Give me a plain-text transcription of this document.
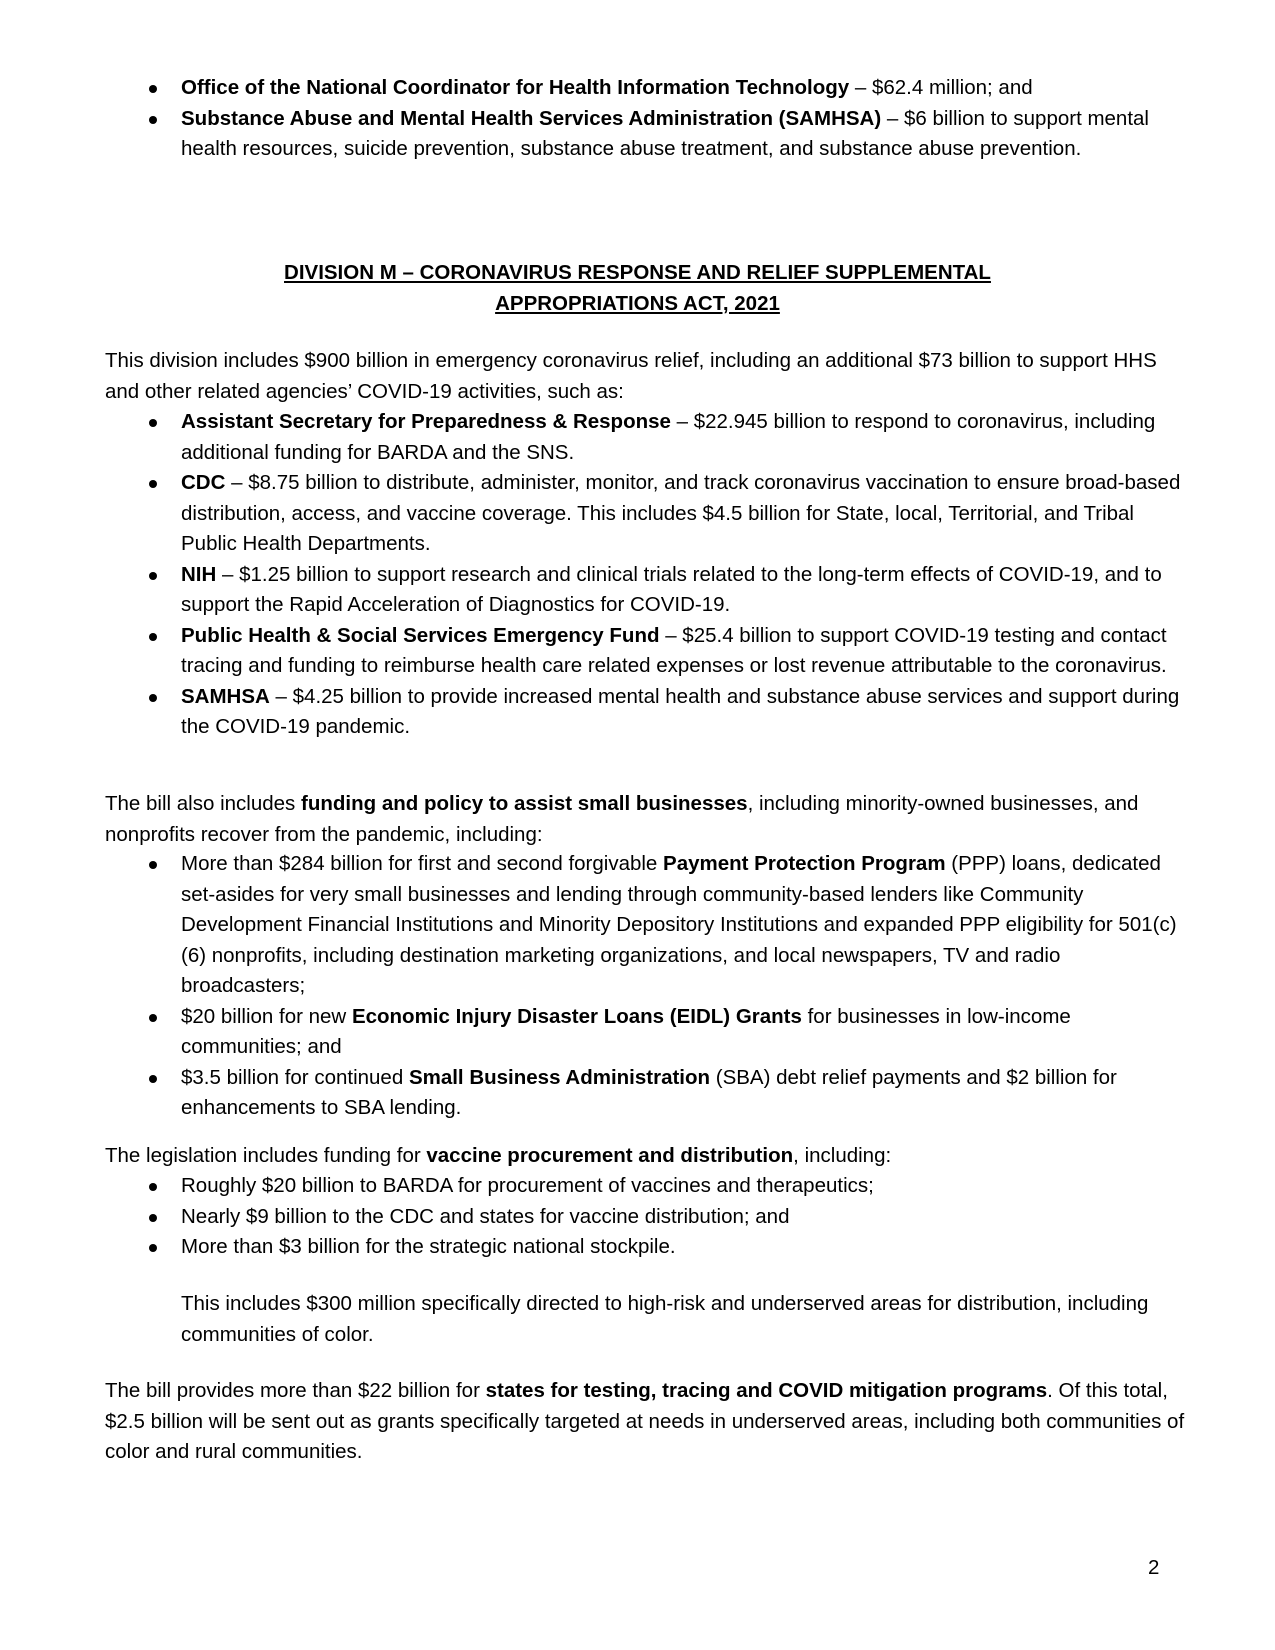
Office of the National Coordinator for Health Information Technology – $62.4 million; and
Substance Abuse and Mental Health Services Administration (SAMHSA) – $6 billion to support mental health resources, suicide prevention, substance abuse treatment, and substance abuse prevention.
DIVISION M – CORONAVIRUS RESPONSE AND RELIEF SUPPLEMENTAL
APPROPRIATIONS ACT, 2021

This division includes $900 billion in emergency coronavirus relief, including an additional $73 billion to support HHS and other related agencies’ COVID-19 activities, such as:

Assistant Secretary for Preparedness & Response – $22.945 billion to respond to coronavirus, including additional funding for BARDA and the SNS.
CDC – $8.75 billion to distribute, administer, monitor, and track coronavirus vaccination to ensure broad-based distribution, access, and vaccine coverage. This includes $4.5 billion for State, local, Territorial, and Tribal Public Health Departments.
NIH – $1.25 billion to support research and clinical trials related to the long-term effects of COVID-19, and to support the Rapid Acceleration of Diagnostics for COVID-19.
Public Health & Social Services Emergency Fund – $25.4 billion to support COVID-19 testing and contact tracing and funding to reimburse health care related expenses or lost revenue attributable to the coronavirus.
SAMHSA – $4.25 billion to provide increased mental health and substance abuse services and support during the COVID-19 pandemic.

The bill also includes funding and policy to assist small businesses, including minority-owned businesses, and nonprofits recover from the pandemic, including:

More than $284 billion for first and second forgivable Payment Protection Program (PPP) loans, dedicated set-asides for very small businesses and lending through community-based lenders like Community Development Financial Institutions and Minority Depository Institutions and expanded PPP eligibility for 501(c)(6) nonprofits, including destination marketing organizations, and local newspapers, TV and radio broadcasters;
$20 billion for new Economic Injury Disaster Loans (EIDL) Grants for businesses in low-income communities; and
$3.5 billion for continued Small Business Administration (SBA) debt relief payments and $2 billion for enhancements to SBA lending.

The legislation includes funding for vaccine procurement and distribution, including:

Roughly $20 billion to BARDA for procurement of vaccines and therapeutics;
Nearly $9 billion to the CDC and states for vaccine distribution; and
More than $3 billion for the strategic national stockpile.

This includes $300 million specifically directed to high-risk and underserved areas for distribution, including communities of color.

The bill provides more than $22 billion for states for testing, tracing and COVID mitigation programs. Of this total, $2.5 billion will be sent out as grants specifically targeted at needs in underserved areas, including both communities of color and rural communities.

2
